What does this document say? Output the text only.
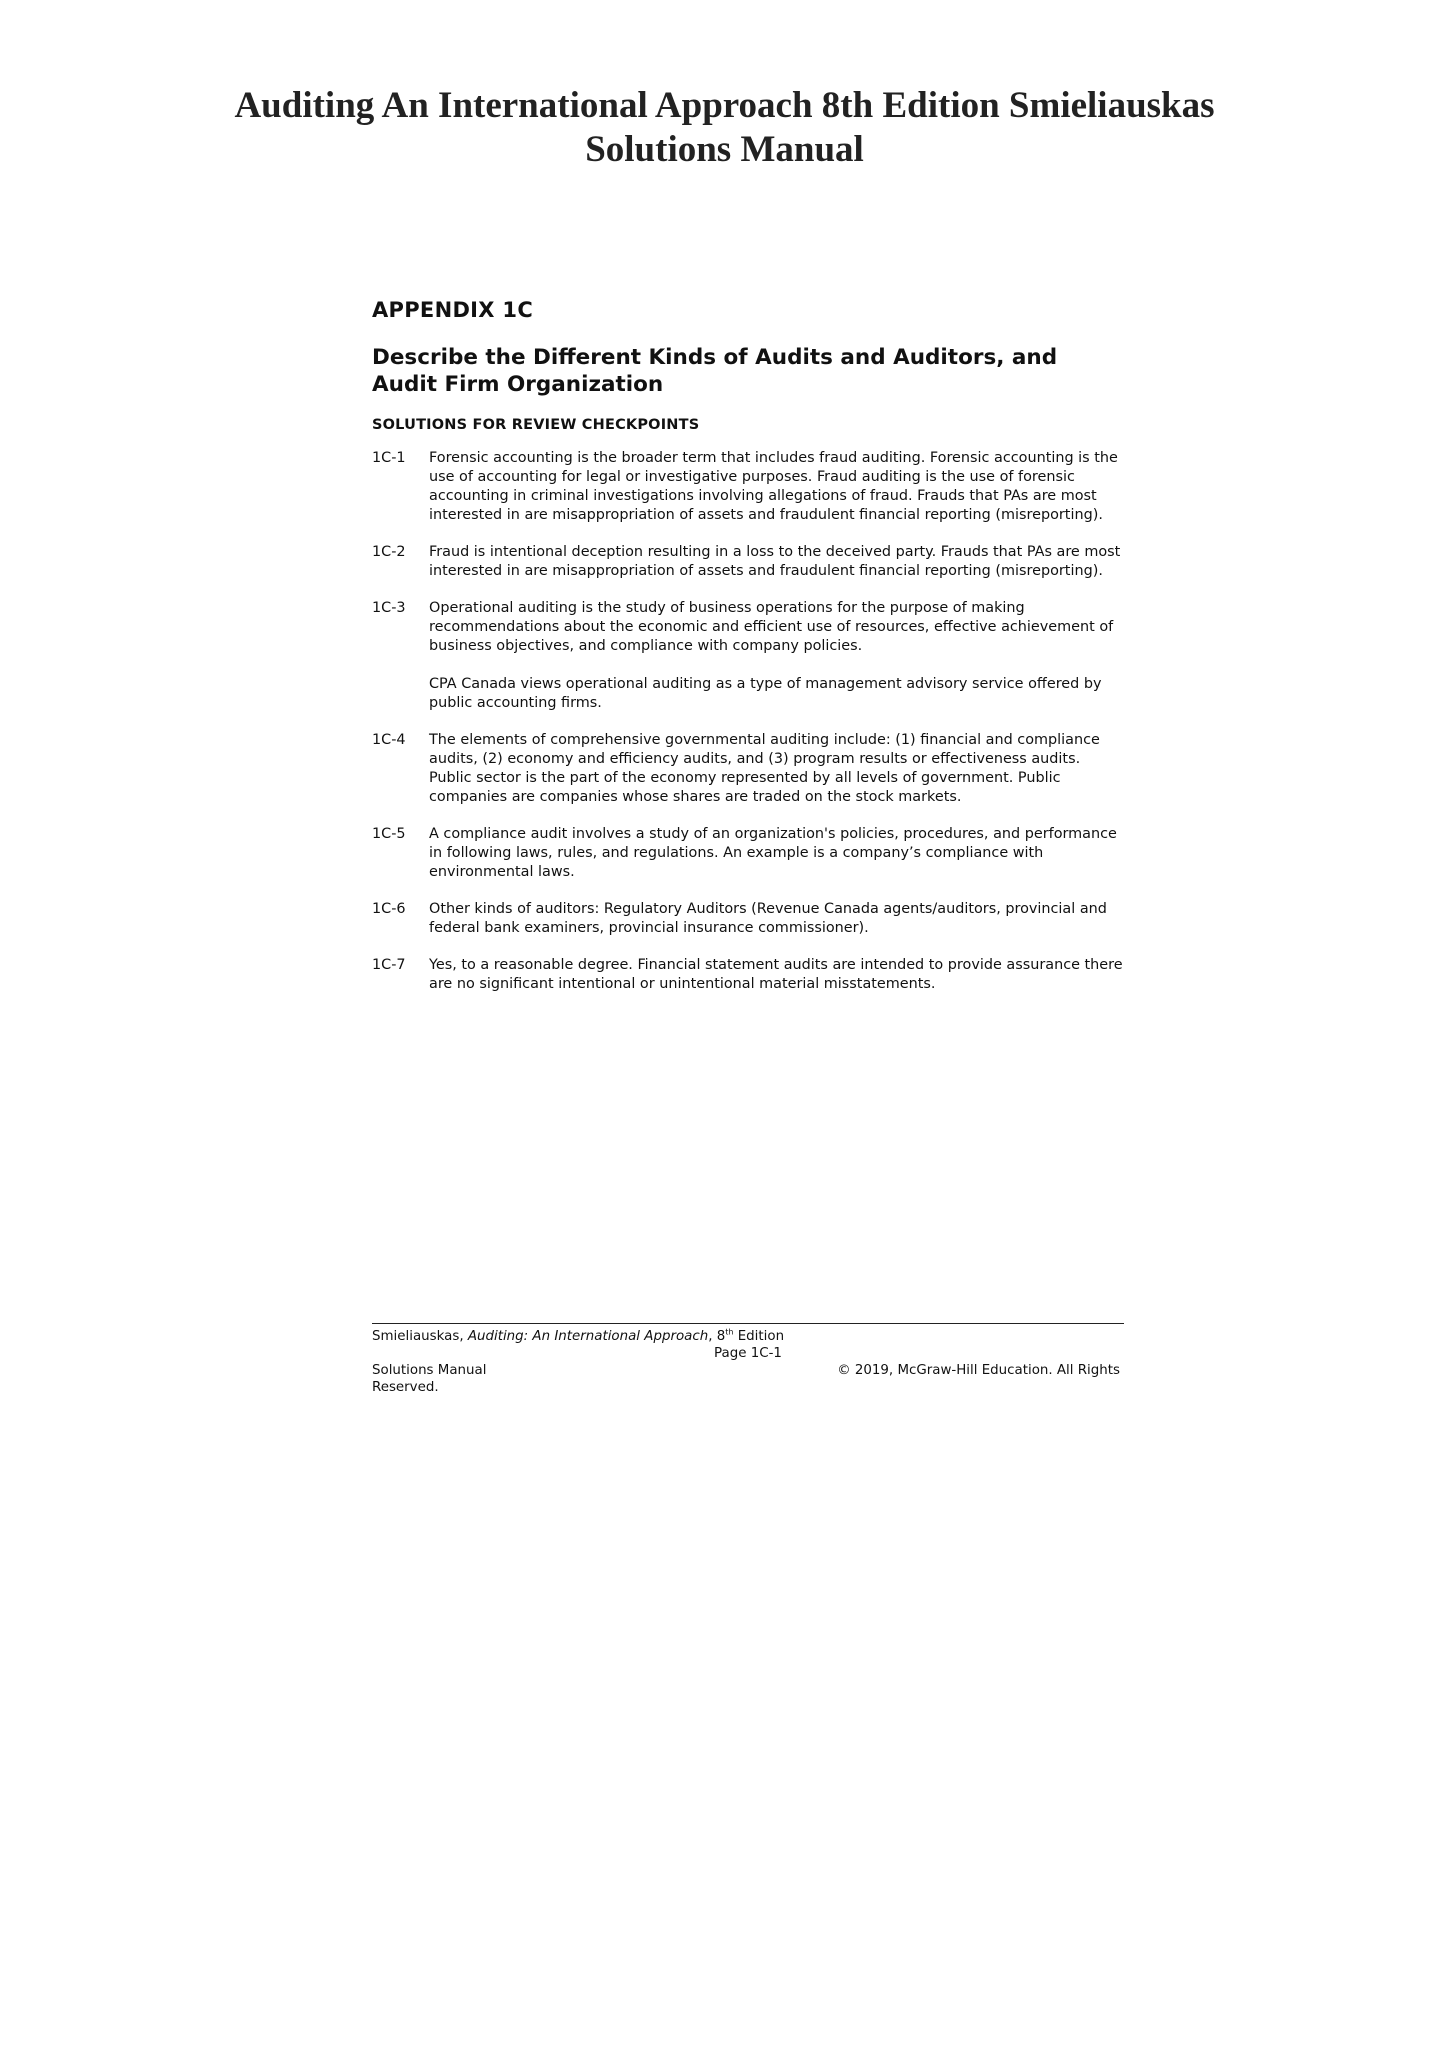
Auditing An International Approach 8th Edition Smieliauskas
Solutions Manual
APPENDIX 1C
Describe the Different Kinds of Audits and Auditors, and Audit Firm Organization
SOLUTIONS FOR REVIEW CHECKPOINTS
1C-1	Forensic accounting is the broader term that includes fraud auditing. Forensic accounting is the use of accounting for legal or investigative purposes. Fraud auditing is the use of forensic accounting in criminal investigations involving allegations of fraud. Frauds that PAs are most interested in are misappropriation of assets and fraudulent financial reporting (misreporting).

1C-2	Fraud is intentional deception resulting in a loss to the deceived party. Frauds that PAs are most interested in are misappropriation of assets and fraudulent financial reporting (misreporting).

1C-3	Operational auditing is the study of business operations for the purpose of making recommendations about the economic and efficient use of resources, effective achievement of business objectives, and compliance with company policies.

CPA Canada views operational auditing as a type of management advisory service offered by public accounting firms.

1C-4	The elements of comprehensive governmental auditing include: (1) financial and compliance audits, (2) economy and efficiency audits, and (3) program results or effectiveness audits. Public sector is the part of the economy represented by all levels of government. Public companies are companies whose shares are traded on the stock markets.

1C-5	A compliance audit involves a study of an organization's policies, procedures, and performance in following laws, rules, and regulations. An example is a company’s compliance with environmental laws.

1C-6	Other kinds of auditors: Regulatory Auditors (Revenue Canada agents/auditors, provincial and federal bank examiners, provincial insurance commissioner).

1C-7	Yes, to a reasonable degree. Financial statement audits are intended to provide assurance there are no significant intentional or unintentional material misstatements.

Smieliauskas, Auditing: An International Approach, 8th Edition
Page 1C-1
Solutions Manual	© 2019, McGraw-Hill Education. All Rights
Reserved.
